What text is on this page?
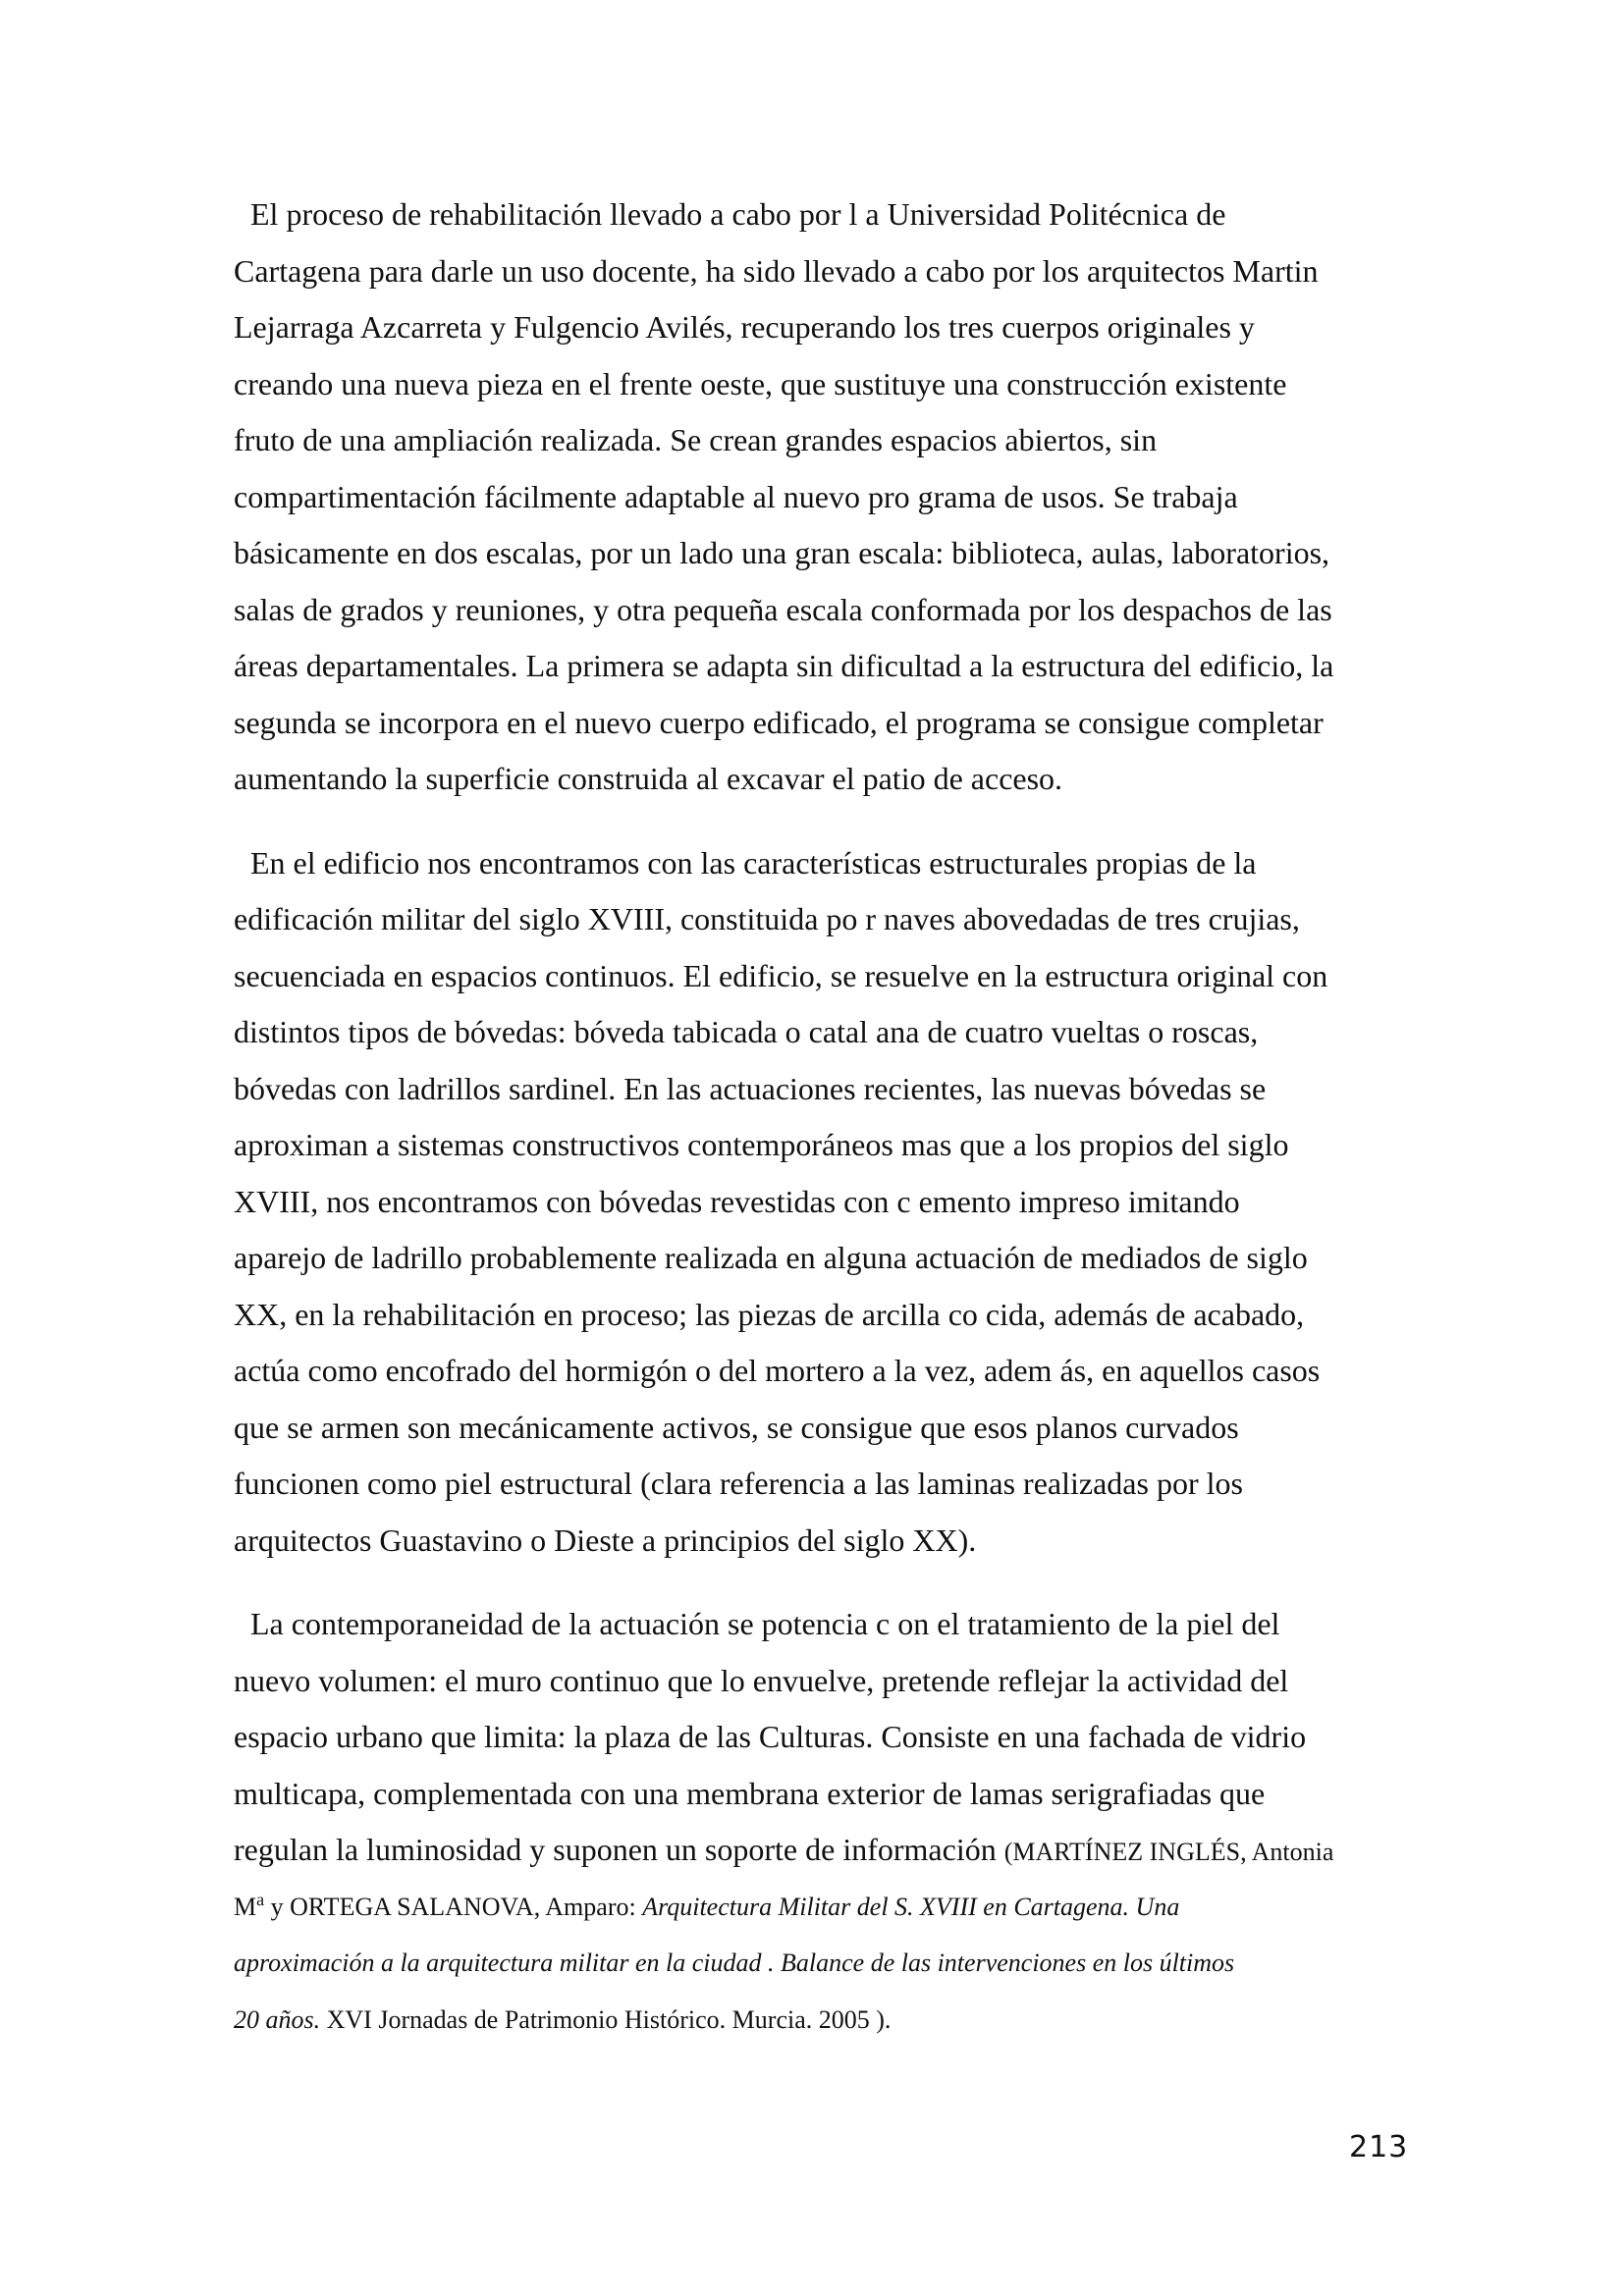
El proceso de rehabilitación llevado a cabo por l a Universidad Politécnica de
Cartagena para darle un uso docente, ha sido llevado a cabo por los arquitectos Martin
Lejarraga Azcarreta y Fulgencio Avilés, recuperando los tres cuerpos originales y
creando una nueva pieza en el frente oeste, que sustituye una construcción existente
fruto de una ampliación realizada. Se crean grandes espacios abiertos, sin
compartimentación fácilmente adaptable al nuevo pro grama de usos. Se trabaja
básicamente en dos escalas, por un lado una gran escala: biblioteca, aulas, laboratorios,
salas de grados y reuniones, y otra pequeña escala conformada por los despachos de las
áreas departamentales. La primera se adapta sin dificultad a la estructura del edificio, la
segunda se incorpora en el nuevo cuerpo edificado, el programa se consigue completar
aumentando la superficie construida al excavar el patio de acceso.
En el edificio nos encontramos con las características estructurales propias de la
edificación militar del siglo XVIII, constituida po r naves abovedadas de tres crujias,
secuenciada en espacios continuos. El edificio, se resuelve en la estructura original con
distintos tipos de bóvedas: bóveda tabicada o catal ana de cuatro vueltas o roscas,
bóvedas con ladrillos sardinel. En las actuaciones recientes, las nuevas bóvedas se
aproximan a sistemas constructivos contemporáneos mas que a los propios del siglo
XVIII, nos encontramos con bóvedas revestidas con c emento impreso imitando
aparejo de ladrillo probablemente realizada en alguna actuación de mediados de siglo
XX, en la rehabilitación en proceso; las piezas de arcilla co cida, además de acabado,
actúa como encofrado del hormigón o del mortero a la vez, adem ás, en aquellos casos
que se armen son mecánicamente activos, se consigue que esos planos curvados
funcionen como piel estructural (clara referencia a las laminas realizadas por los
arquitectos Guastavino o Dieste a principios del siglo XX).
La contemporaneidad de la actuación se potencia c on el tratamiento de la piel del
nuevo volumen: el muro continuo que lo envuelve, pretende reflejar la actividad del
espacio urbano que limita: la plaza de las Culturas. Consiste en una fachada de vidrio
multicapa, complementada con una membrana exterior de lamas serigrafiadas que
regulan la luminosidad y suponen un soporte de información (MARTÍNEZ INGLÉS, Antonia
$M^a$ y ORTEGA SALANOVA, Amparo: Arquitectura Militar del S. XVIII en Cartagena. Una
aproximación a la arquitectura militar en la ciudad . Balance de las intervenciones en los últimos
20 años. XVI Jornadas de Patrimonio Histórico. Murcia. 2005 ).
213
